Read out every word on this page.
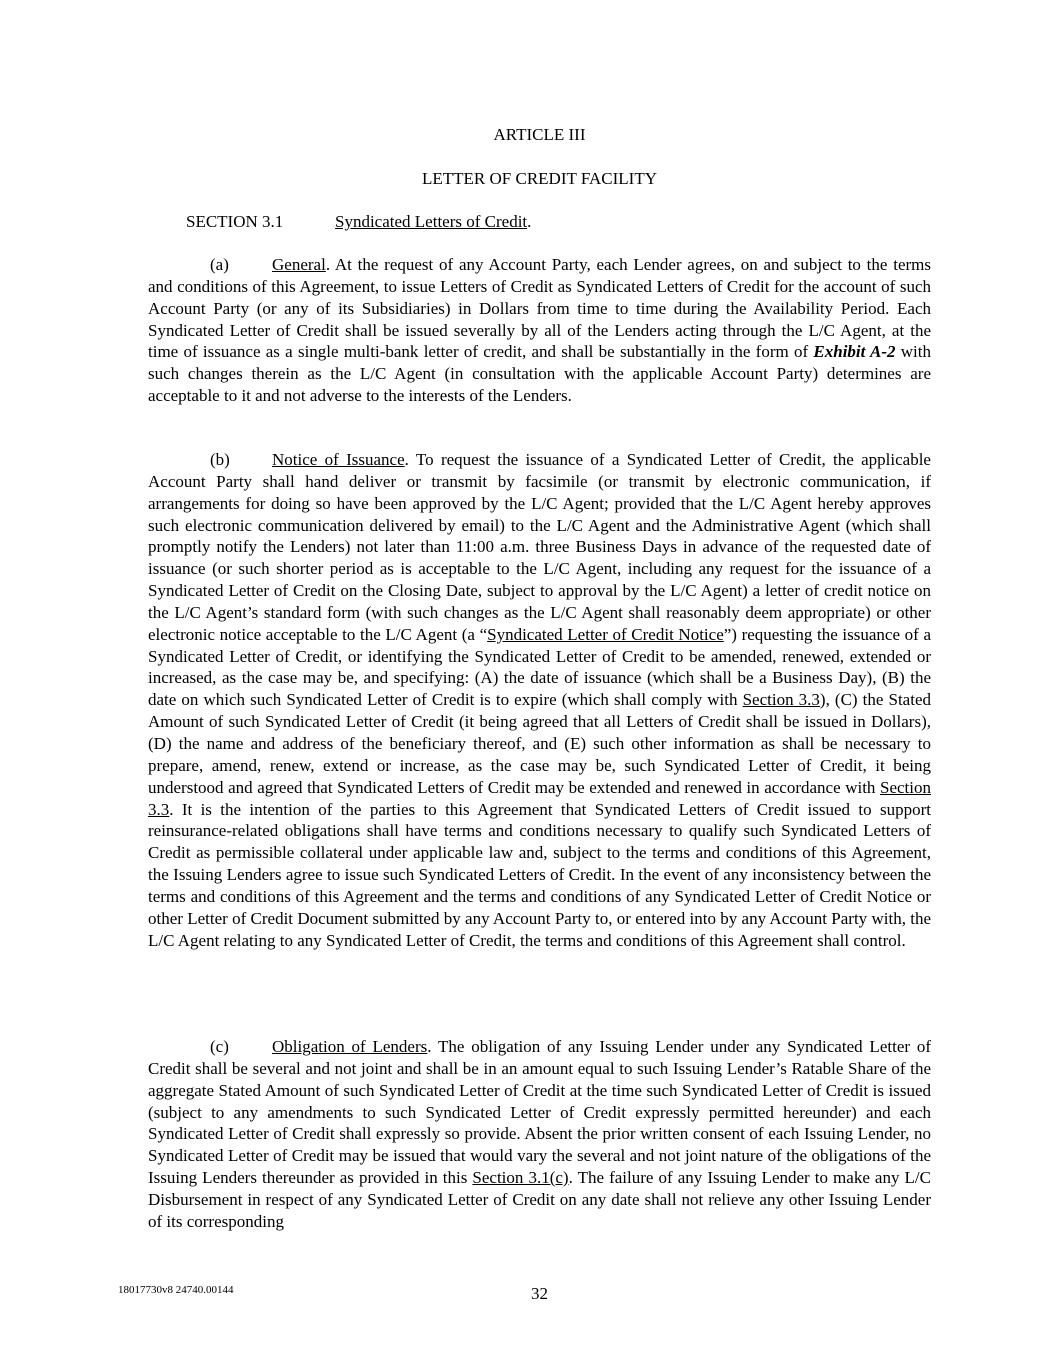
ARTICLE III
LETTER OF CREDIT FACILITY
SECTION 3.1	Syndicated Letters of Credit.

(a)	General. At the request of any Account Party, each Lender agrees, on and subject to the terms and conditions of this Agreement, to issue Letters of Credit as Syndicated Letters of Credit for the account of such Account Party (or any of its Subsidiaries) in Dollars from time to time during the Availability Period. Each Syndicated Letter of Credit shall be issued severally by all of the Lenders acting through the L/C Agent, at the time of issuance as a single multi-bank letter of credit, and shall be substantially in the form of Exhibit A-2 with such changes therein as the L/C Agent (in consultation with the applicable Account Party) determines are acceptable to it and not adverse to the interests of the Lenders.

(b) Notice of Issuance. To request the issuance of a Syndicated Letter of Credit, the applicable Account Party shall hand deliver or transmit by facsimile (or transmit by electronic communication, if arrangements for doing so have been approved by the L/C Agent; provided that the L/C Agent hereby approves such electronic communication delivered by email) to the L/C Agent and the Administrative Agent (which shall promptly notify the Lenders) not later than 11:00 a.m. three Business Days in advance of the requested date of issuance (or such shorter period as is acceptable to the L/C Agent, including any request for the issuance of a Syndicated Letter of Credit on the Closing Date, subject to approval by the L/C Agent) a letter of credit notice on the L/C Agent’s standard form (with such changes as the L/C Agent shall reasonably deem appropriate) or other electronic notice acceptable to the L/C Agent (a “Syndicated Letter of Credit Notice”) requesting the issuance of a Syndicated Letter of Credit, or identifying the Syndicated Letter of Credit to be amended, renewed, extended or increased, as the case may be, and specifying: (A) the date of issuance (which shall be a Business Day), (B) the date on which such Syndicated Letter of Credit is to expire (which shall comply with Section 3.3), (C) the Stated Amount of such Syndicated Letter of Credit (it being agreed that all Letters of Credit shall be issued in Dollars), (D) the name and address of the beneficiary thereof, and (E) such other information as shall be necessary to prepare, amend, renew, extend or increase, as the case may be, such Syndicated Letter of Credit, it being understood and agreed that Syndicated Letters of Credit may be extended and renewed in accordance with Section 3.3. It is the intention of the parties to this Agreement that Syndicated Letters of Credit issued to support reinsurance-related obligations shall have terms and conditions necessary to qualify such Syndicated Letters of Credit as permissible collateral under applicable law and, subject to the terms and conditions of this Agreement, the Issuing Lenders agree to issue such Syndicated Letters of Credit. In the event of any inconsistency between the terms and conditions of this Agreement and the terms and conditions of any Syndicated Letter of Credit Notice or other Letter of Credit Document submitted by any Account Party to, or entered into by any Account Party with, the L/C Agent relating to any Syndicated Letter of Credit, the terms and conditions of this Agreement shall control.

(c)	Obligation of Lenders. The obligation of any Issuing Lender under any Syndicated Letter of Credit shall be several and not joint and shall be in an amount equal to such Issuing Lender’s Ratable Share of the aggregate Stated Amount of such Syndicated Letter of Credit at the time such Syndicated Letter of Credit is issued (subject to any amendments to such Syndicated Letter of Credit expressly permitted hereunder) and each Syndicated Letter of Credit shall expressly so provide. Absent the prior written consent of each Issuing Lender, no Syndicated Letter of Credit may be issued that would vary the several and not joint nature of the obligations of the Issuing Lenders thereunder as provided in this Section 3.1(c). The failure of any Issuing Lender to make any L/C Disbursement in respect of any Syndicated Letter of Credit on any date shall not relieve any other Issuing Lender of its corresponding

18017730v8 24740.00144	32
